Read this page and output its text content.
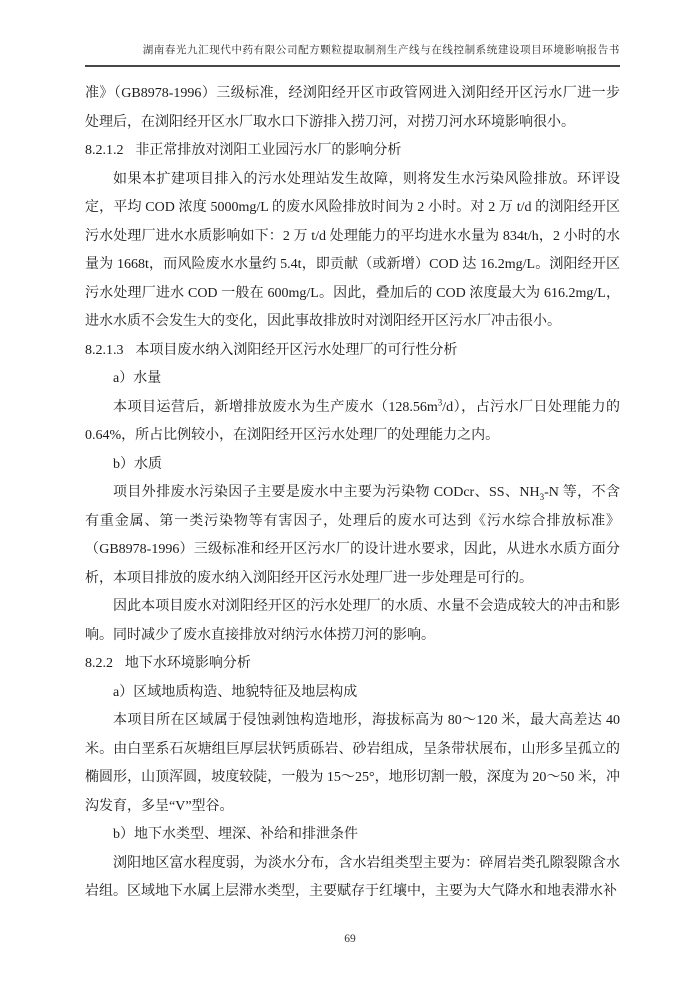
湖南春光九汇现代中药有限公司配方颗粒提取制剂生产线与在线控制系统建设项目环境影响报告书

准》（GB8978-1996）三级标准，经浏阳经开区市政管网进入浏阳经开区污水厂进一步处理后，在浏阳经开区水厂取水口下游排入捞刀河，对捞刀河水环境影响很小。

8.2.1.2 非正常排放对浏阳工业园污水厂的影响分析

如果本扩建项目排入的污水处理站发生故障，则将发生水污染风险排放。环评设定，平均 COD 浓度 5000mg/L 的废水风险排放时间为 2 小时。对 2 万 t/d 的浏阳经开区污水处理厂进水水质影响如下：2 万 t/d 处理能力的平均进水水量为 834t/h，2 小时的水量为 1668t，而风险废水水量约 5.4t，即贡献（或新增）COD 达 16.2mg/L。浏阳经开区污水处理厂进水 COD 一般在 600mg/L。因此，叠加后的 COD 浓度最大为 616.2mg/L，进水水质不会发生大的变化，因此事故排放时对浏阳经开区污水厂冲击很小。

8.2.1.3 本项目废水纳入浏阳经开区污水处理厂的可行性分析

a）水量

本项目运营后，新增排放废水为生产废水$(128.56m^3/d)$，占污水厂日处理能力的 0.64%，所占比例较小，在浏阳经开区污水处理厂的处理能力之内。

b）水质

项目外排废水污染因子主要是废水中主要为污染物 CODcr、SS、$NH_3-N$ 等，不含有重金属、第一类污染物等有害因子，处理后的废水可达到《污水综合排放标准》（GB8978-1996）三级标准和经开区污水厂的设计进水要求，因此，从进水水质方面分析，本项目排放的废水纳入浏阳经开区污水处理厂进一步处理是可行的。

因此本项目废水对浏阳经开区的污水处理厂的水质、水量不会造成较大的冲击和影响。同时减少了废水直接排放对纳污水体捞刀河的影响。

8.2.2 地下水环境影响分析

a）区域地质构造、地貌特征及地层构成

本项目所在区域属于侵蚀剥蚀构造地形，海拔标高为 80～120 米，最大高差达 40 米。由白垩系石灰塘组巨厚层状钙质砾岩、砂岩组成，呈条带状展布，山形多呈孤立的椭圆形，山顶浑圆，坡度较陡，一般为 15～25°，地形切割一般，深度为 20～50 米，冲沟发育，多呈“V”型谷。

b）地下水类型、埋深、补给和排泄条件

浏阳地区富水程度弱，为淡水分布，含水岩组类型主要为：碎屑岩类孔隙裂隙含水岩组。区域地下水属上层滞水类型，主要赋存于红壤中，主要为大气降水和地表滞水补

69
